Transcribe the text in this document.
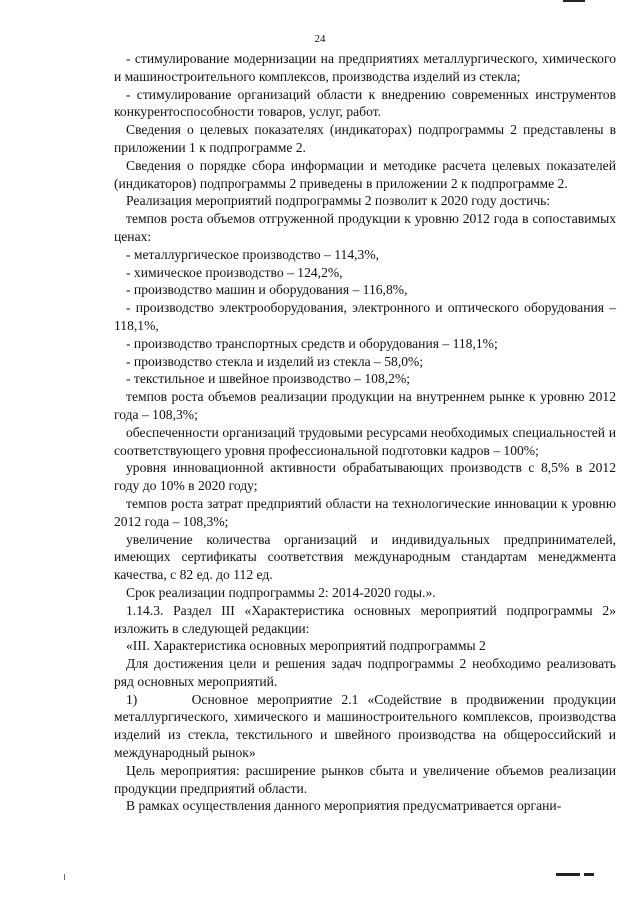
24

- стимулирование модернизации на предприятиях металлургического, химического и машиностроительного комплексов, производства изделий из стекла;

- стимулирование организаций области к внедрению современных инструментов конкурентоспособности товаров, услуг, работ.

Сведения о целевых показателях (индикаторах) подпрограммы 2 представлены в приложении 1 к подпрограмме 2.

Сведения о порядке сбора информации и методике расчета целевых показателей (индикаторов) подпрограммы 2 приведены в приложении 2 к подпрограмме 2.

Реализация мероприятий подпрограммы 2 позволит к 2020 году достичь:

темпов роста объемов отгруженной продукции к уровню 2012 года в сопоставимых ценах:

- металлургическое производство – 114,3%,

- химическое производство – 124,2%,

- производство машин и оборудования – 116,8%,

- производство электрооборудования, электронного и оптического оборудования – 118,1%,

- производство транспортных средств и оборудования – 118,1%;

- производство стекла и изделий из стекла – 58,0%;

- текстильное и швейное производство – 108,2%;

темпов роста объемов реализации продукции на внутреннем рынке к уровню 2012 года – 108,3%;

обеспеченности организаций трудовыми ресурсами необходимых специальностей и соответствующего уровня профессиональной подготовки кадров – 100%;

уровня инновационной активности обрабатывающих производств с 8,5% в 2012 году до 10% в 2020 году;

темпов роста затрат предприятий области на технологические инновации к уровню 2012 года – 108,3%;

увеличение количества организаций и индивидуальных предпринимателей, имеющих сертификаты соответствия международным стандартам менеджмента качества, с 82 ед. до 112 ед.

Срок реализации подпрограммы 2: 2014-2020 годы.».

1.14.3. Раздел III «Характеристика основных мероприятий подпрограммы 2» изложить в следующей редакции:

«III. Характеристика основных мероприятий подпрограммы 2

Для достижения цели и решения задач подпрограммы 2 необходимо реализовать ряд основных мероприятий.

1)      Основное мероприятие 2.1 «Содействие в продвижении продукции металлургического, химического и машиностроительного комплексов, производства изделий из стекла, текстильного и швейного производства на общероссийский и международный рынок»

Цель мероприятия: расширение рынков сбыта и увеличение объемов реализации продукции предприятий области.

В рамках осуществления данного мероприятия предусматривается органи-
